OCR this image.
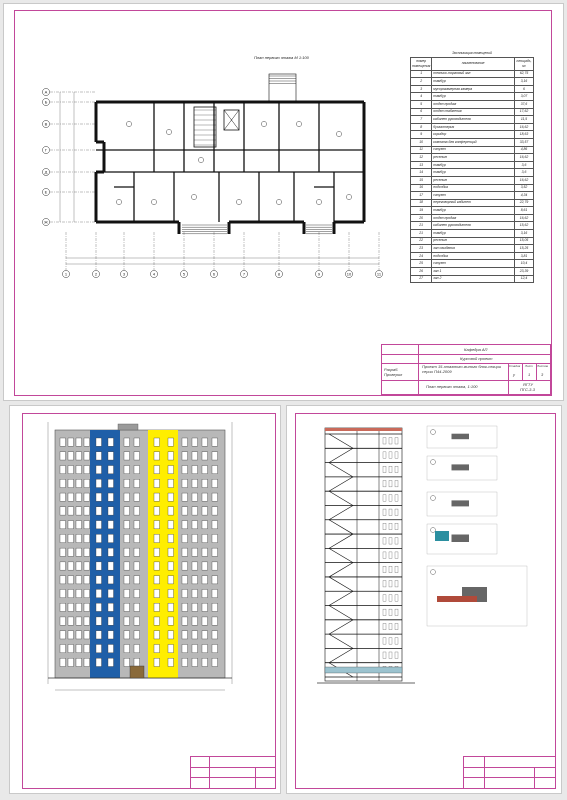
План первого этажа М 1:100
1	2	3	4	5	6	7	8	9	10	11
А
Б
В
Г
Д
Е
Ж
Экспликация помещений		
номер помещения	наименование	площадь, м²
1	технико-торговый зал	62,75
2	тамбур	3,16
3	мусорокамерная камера	6
4	тамбур	3,07
5	отдел продаж	37,6
6	отдел снабжения	17,62
7	кабинет руководителя	11,5
8	бухгалтерия	16,62
9	коридор	18,63
10	комната для конференций	33,57
11	санузел	4,86
12	ресепшн	16,62
13	тамбур	3,6
14	тамбур	3,6
15	ресепшн	16,62
16	подсобка	3,52
17	санузел	4,34
18	переговорный кабинет	22,79
19	тамбур	8,61
20	отдел продаж	16,62
21	кабинет руководителя	15,62
21	тамбур	3,16
22	ресепшн	15,05
23	зал ожидания	15,25
24	подсобка	3,81
25	санузел	10,4
26	зал 1	23,39
27	зал 2	12,4
Кафедра АП
Курсовой проект
Проект 15-этажного жилого блок-секции серии П44-2009
План первого этажа, 1:100
Стадия Лист Листов
у	1	3
ЯГТУ
ПГС-3-3
Разраб.
Проверил
